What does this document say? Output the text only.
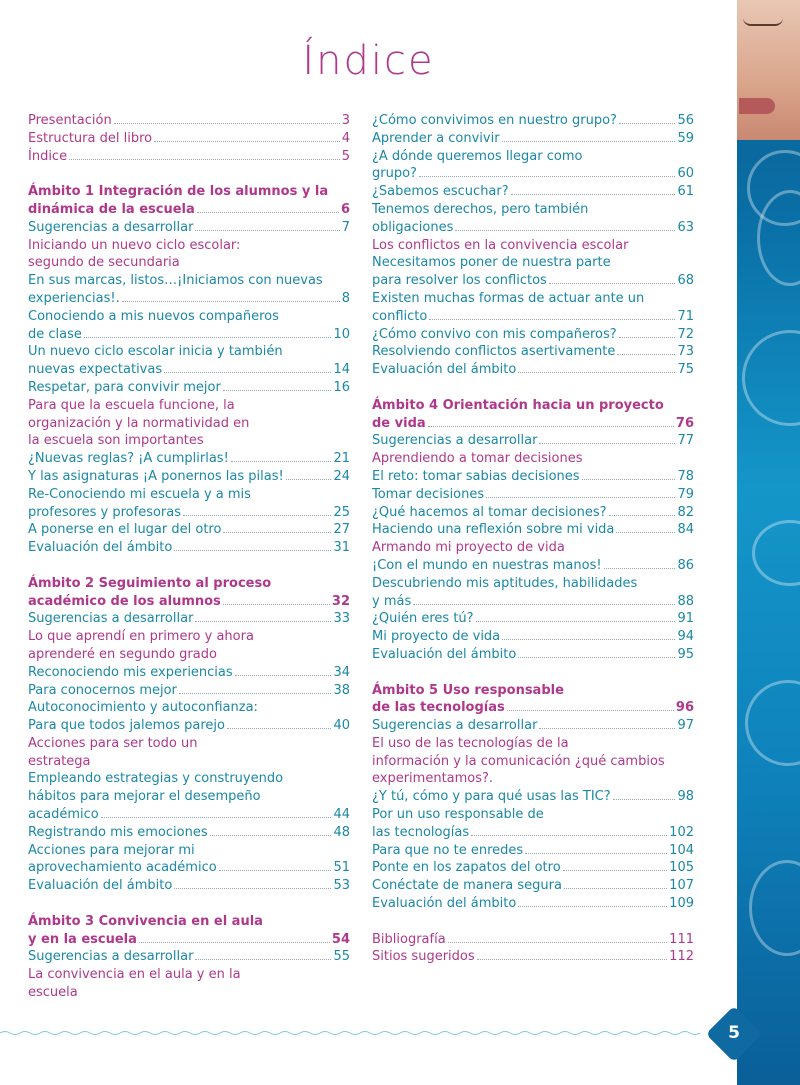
Índice
Presentación	3
Estructura del libro	4
Índice	5
Ámbito 1 Integración de los alumnos y la
dinámica de la escuela	6
Sugerencias a desarrollar	7
Iniciando un nuevo ciclo escolar:
segundo de secundaria
En sus marcas, listos…¡Iniciamos con nuevas
experiencias!.	8
Conociendo a mis nuevos compañeros
de clase	10
Un nuevo ciclo escolar inicia y también
nuevas expectativas	14
Respetar, para convivir mejor	16
Para que la escuela funcione, la
organización y la normatividad en
la escuela son importantes
¿Nuevas reglas? ¡A cumplirlas!	21
Y las asignaturas ¡A ponernos las pilas!	24
Re-Conociendo mi escuela y a mis
profesores y profesoras	25
A ponerse en el lugar del otro	27
Evaluación del ámbito	31
Ámbito 2 Seguimiento al proceso
académico de los alumnos	32
Sugerencias a desarrollar	33
Lo que aprendí en primero y ahora
aprenderé en segundo grado
Reconociendo mis experiencias	34
Para conocernos mejor	38
Autoconocimiento y autoconfianza:
Para que todos jalemos parejo	40
Acciones para ser todo un
estratega
Empleando estrategias y construyendo
hábitos para mejorar el desempeño
académico	44
Registrando mis emociones	48
Acciones para mejorar mi
aprovechamiento académico	51
Evaluación del ámbito	53
Ámbito 3 Convivencia en el aula
y en la escuela	54
Sugerencias a desarrollar	55
La convivencia en el aula y en la
escuela
¿Cómo convivimos en nuestro grupo?	56
Aprender a convivir	59
¿A dónde queremos llegar como
grupo?	60
¿Sabemos escuchar?	61
Tenemos derechos, pero también
obligaciones	63
Los conflictos en la convivencia escolar
Necesitamos poner de nuestra parte
para resolver los conflictos	68
Existen muchas formas de actuar ante un
conflicto	71
¿Cómo convivo con mis compañeros?	72
Resolviendo conflictos asertivamente	73
Evaluación del ámbito	75
Ámbito 4 Orientación hacia un proyecto
de vida	76
Sugerencias a desarrollar	77
Aprendiendo a tomar decisiones
El reto: tomar sabias decisiones	78
Tomar decisiones	79
¿Qué hacemos al tomar decisiones?	82
Haciendo una reflexión sobre mi vida	84
Armando mi proyecto de vida
¡Con el mundo en nuestras manos!	86
Descubriendo mis aptitudes, habilidades
y más	88
¿Quién eres tú?	91
Mi proyecto de vida	94
Evaluación del ámbito	95
Ámbito 5 Uso responsable
de las tecnologías	96
Sugerencias a desarrollar	97
El uso de las tecnologías de la
información y la comunicación ¿qué cambios
experimentamos?.
¿Y tú, cómo y para qué usas las TIC?	98
Por un uso responsable de
las tecnologías	102
Para que no te enredes	104
Ponte en los zapatos del otro	105
Conéctate de manera segura	107
Evaluación del ámbito	109
Bibliografía	111
Sitios sugeridos	112
5
